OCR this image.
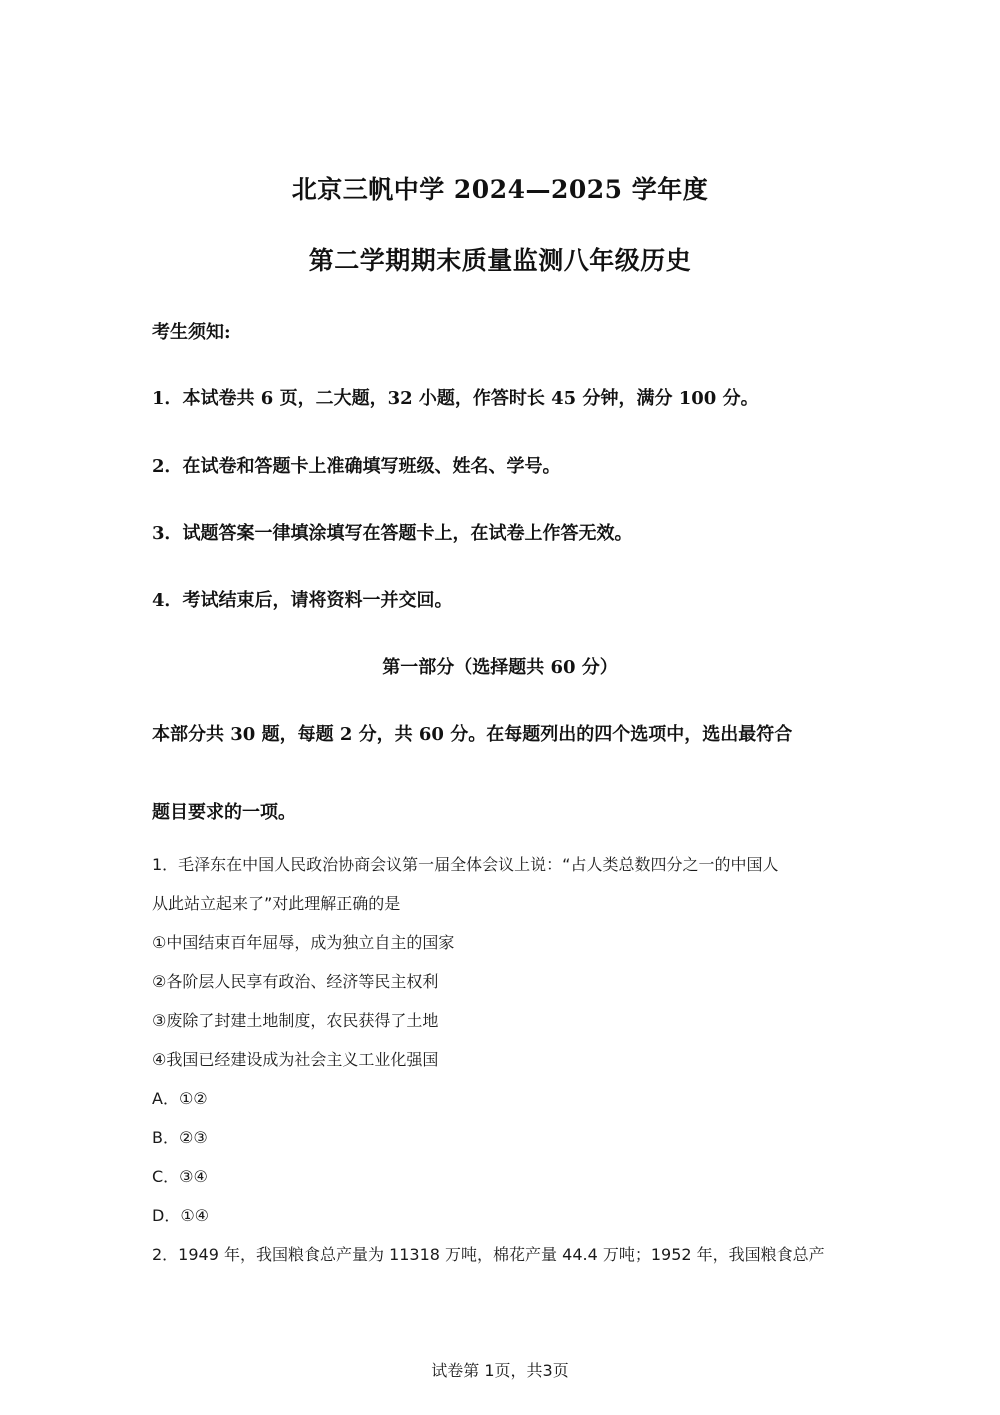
北京三帆中学 2024—2025 学年度
第二学期期末质量监测八年级历史
考生须知:
1．本试卷共 6 页，二大题，32 小题，作答时长 45 分钟，满分 100 分。
2．在试卷和答题卡上准确填写班级、姓名、学号。
3．试题答案一律填涂填写在答题卡上，在试卷上作答无效。
4．考试结束后，请将资料一并交回。
第一部分（选择题共 60 分）
本部分共 30 题，每题 2 分，共 60 分。在每题列出的四个选项中，选出最符合
题目要求的一项。
1．毛泽东在中国人民政治协商会议第一届全体会议上说：“占人类总数四分之一的中国人
从此站立起来了”对此理解正确的是
①中国结束百年屈辱，成为独立自主的国家
②各阶层人民享有政治、经济等民主权利
③废除了封建土地制度，农民获得了土地
④我国已经建设成为社会主义工业化强国
A．①②
B．②③
C．③④
D．①④
2．1949 年，我国粮食总产量为 11318 万吨，棉花产量 44.4 万吨；1952 年，我国粮食总产
试卷第 1页，共3页
